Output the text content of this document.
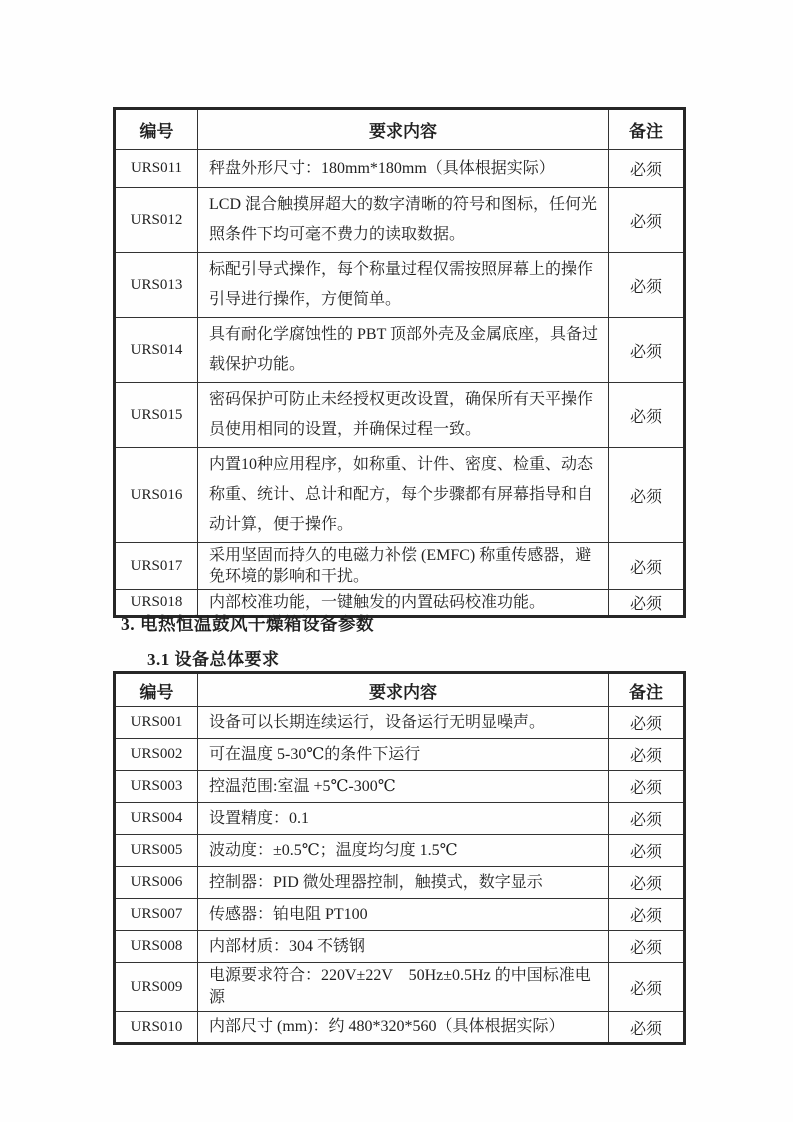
编号	要求内容	备注
URS011	秤盘外形尺寸：180mm*180mm（具体根据实际）	必须
URS012	LCD 混合触摸屏超大的数字清晰的符号和图标，任何光照条件下均可毫不费力的读取数据。	必须
URS013	标配引导式操作，每个称量过程仅需按照屏幕上的操作引导进行操作，方便简单。	必须
URS014	具有耐化学腐蚀性的 PBT 顶部外壳及金属底座，具备过载保护功能。	必须
URS015	密码保护可防止未经授权更改设置，确保所有天平操作员使用相同的设置，并确保过程一致。	必须
URS016	内置10种应用程序，如称重、计件、密度、检重、动态称重、统计、总计和配方，每个步骤都有屏幕指导和自动计算，便于操作。	必须
URS017	采用坚固而持久的电磁力补偿 (EMFC) 称重传感器，避免环境的影响和干扰。	必须
URS018	内部校准功能，一键触发的内置砝码校准功能。	必须
3. 电热恒温鼓风干燥箱设备参数
3.1 设备总体要求
编号	要求内容	备注
URS001	设备可以长期连续运行，设备运行无明显噪声。	必须
URS002	可在温度 5-30℃的条件下运行	必须
URS003	控温范围:室温 +5℃-300℃	必须
URS004	设置精度：0.1	必须
URS005	波动度：±0.5℃；温度均匀度 1.5℃	必须
URS006	控制器：PID 微处理器控制，触摸式，数字显示	必须
URS007	传感器：铂电阻 PT100	必须
URS008	内部材质：304 不锈钢	必须
URS009	电源要求符合：220V±22V　50Hz±0.5Hz 的中国标准电源	必须
URS010	内部尺寸 (mm)：约 480*320*560（具体根据实际）	必须
